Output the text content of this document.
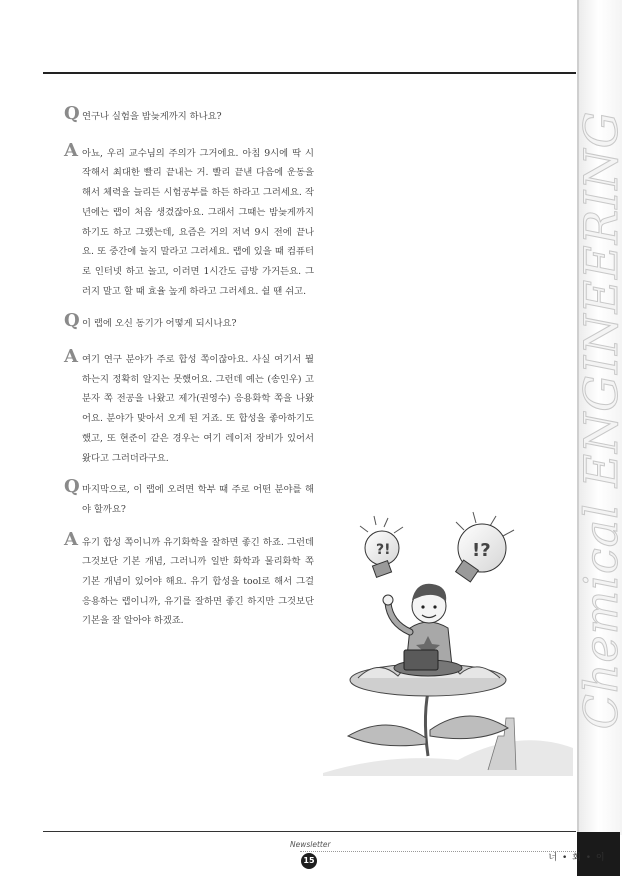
Chemical ENGINEERING
Q 연구나 실험을 밤늦게까지 하나요?

A 아뇨, 우리 교수님의 주의가 그거에요. 아침 9시에 딱 시작해서 최대한 빨리 끝내는 거. 빨리 끝낸 다음에 운동을 해서 체력을 늘리든 시험공부를 하든 하라고 그러세요. 작년에는 랩이 처음 생겼잖아요. 그래서 그때는 밤늦게까지 하기도 하고 그랬는데, 요즘은 거의 저녁 9시 전에 끝나요. 또 중간에 놀지 말라고 그러세요. 랩에 있을 때 컴퓨터로 인터넷 하고 놀고, 이러면 1시간도 금방 가거든요. 그러지 말고 할 때 효율 높게 하라고 그러세요. 쉴 땐 쉬고.

Q 이 랩에 오신 동기가 어떻게 되시나요?

A 여기 연구 분야가 주로 합성 쪽이잖아요. 사실 여기서 뭘 하는지 정확히 알지는 못했어요. 그런데 예는 (송인우) 고분자 쪽 전공을 나왔고 제가(권영수) 응용화학 쪽을 나왔어요. 분야가 맞아서 오게 된 거죠. 또 합성을 좋아하기도 했고, 또 현준이 같은 경우는 여기 레이저 장비가 있어서 왔다고 그러더라구요.

Q 마지막으로, 이 랩에 오려면 학부 때 주로 어떤 분야를 해야 할까요?

A 유기 합성 쪽이니까 유기화학을 잘하면 좋긴 하죠. 그런데 그것보단 기본 개념, 그러니까 일반 화학과 물리화학 쪽 기본 개념이 있어야 해요. 유기 합성을 tool로 해서 그걸 응용하는 랩이니까, 유기를 잘하면 좋긴 하지만 그것보단 기본을 잘 알아야 하겠죠.

?!	!?
Newsletter
15	너 • 회 • 이
